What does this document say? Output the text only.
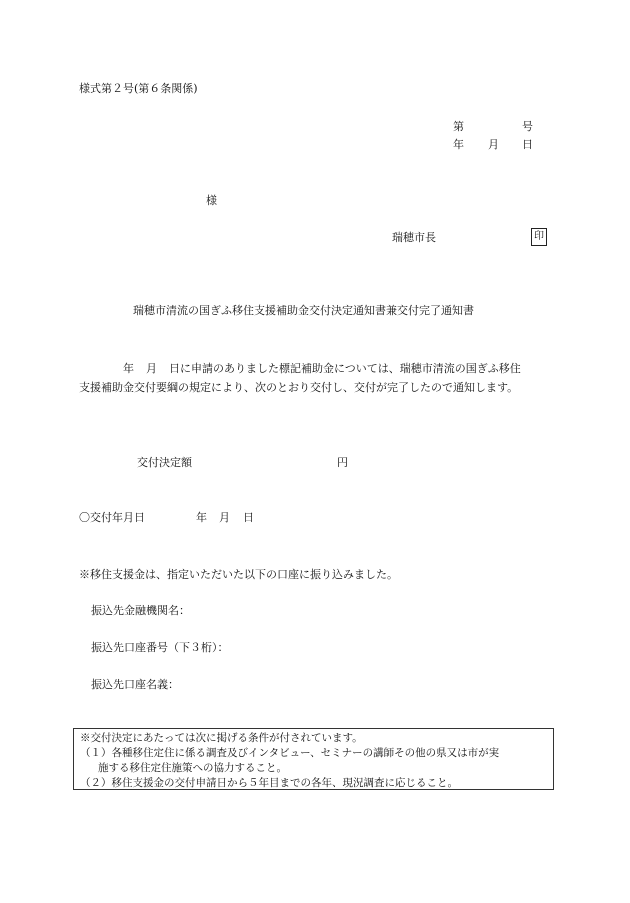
様式第２号(第６条関係)
第	号
年 月 日
様
瑞穂市長	印
瑞穂市清流の国ぎふ移住支援補助金交付決定通知書兼交付完了通知書
年 月 日に申請のありました標記補助金については、瑞穂市清流の国ぎふ移住
支援補助金交付要綱の規定により、次のとおり交付し、交付が完了したので通知します。
交付決定額	円
〇交付年月日	年 月 日
※移住支援金は、指定いただいた以下の口座に振り込みました。
振込先金融機関名：
振込先口座番号（下３桁）：
振込先口座名義：
※交付決定にあたっては次に掲げる条件が付されています。
（１）各種移住定住に係る調査及びインタビュー、セミナーの講師その他の県又は市が実
施する移住定住施策への協力すること。
（２）移住支援金の交付申請日から５年目までの各年、現況調査に応じること。
